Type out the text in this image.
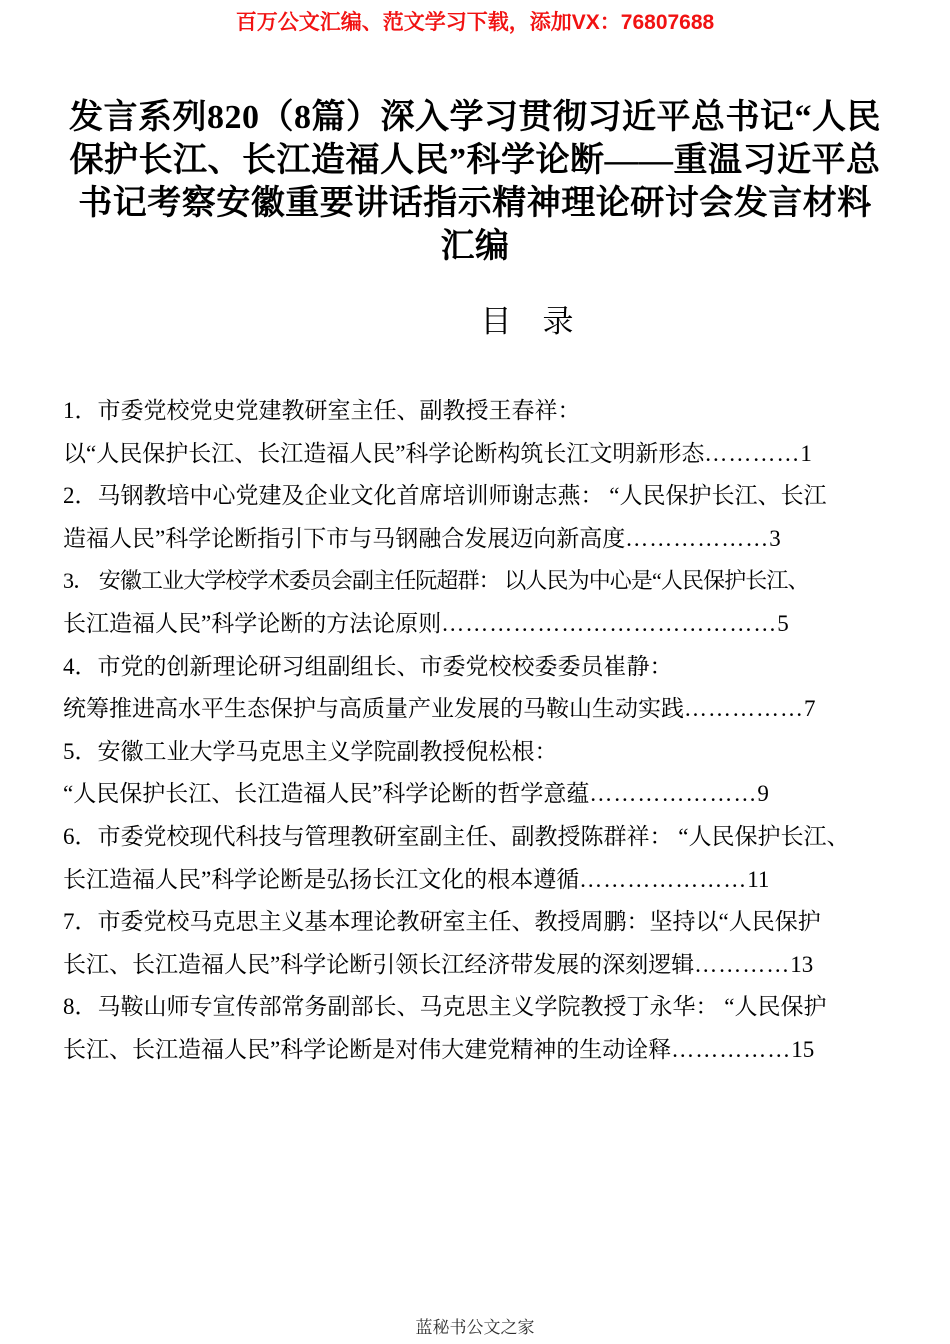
百万公文汇编、范文学习下载，添加VX：76807688
发言系列820（8篇）深入学习贯彻习近平总书记“人民保护长江、长江造福人民”科学论断——重温习近平总书记考察安徽重要讲话指示精神理论研讨会发言材料汇编
目　录
1．市委党校党史党建教研室主任、副教授王春祥：
以“人民保护长江、长江造福人民”科学论断构筑长江文明新形态…………1
2．马钢教培中心党建及企业文化首席培训师谢志燕： “人民保护长江、长江
造福人民”科学论断指引下市与马钢融合发展迈向新高度………………3
3． 安徽工业大学校学术委员会副主任阮超群： 以人民为中心是“人民保护长江、
长江造福人民”科学论断的方法论原则……………………………………5
4．市党的创新理论研习组副组长、市委党校校委委员崔静：
统筹推进高水平生态保护与高质量产业发展的马鞍山生动实践……………7
5．安徽工业大学马克思主义学院副教授倪松根：
“人民保护长江、长江造福人民”科学论断的哲学意蕴…………………9
6．市委党校现代科技与管理教研室副主任、副教授陈群祥： “人民保护长江、
长江造福人民”科学论断是弘扬长江文化的根本遵循…………………11
7．市委党校马克思主义基本理论教研室主任、教授周鹏：坚持以“人民保护
长江、长江造福人民”科学论断引领长江经济带发展的深刻逻辑…………13
8．马鞍山师专宣传部常务副部长、马克思主义学院教授丁永华： “人民保护
长江、长江造福人民”科学论断是对伟大建党精神的生动诠释……………15
蓝秘书公文之家
